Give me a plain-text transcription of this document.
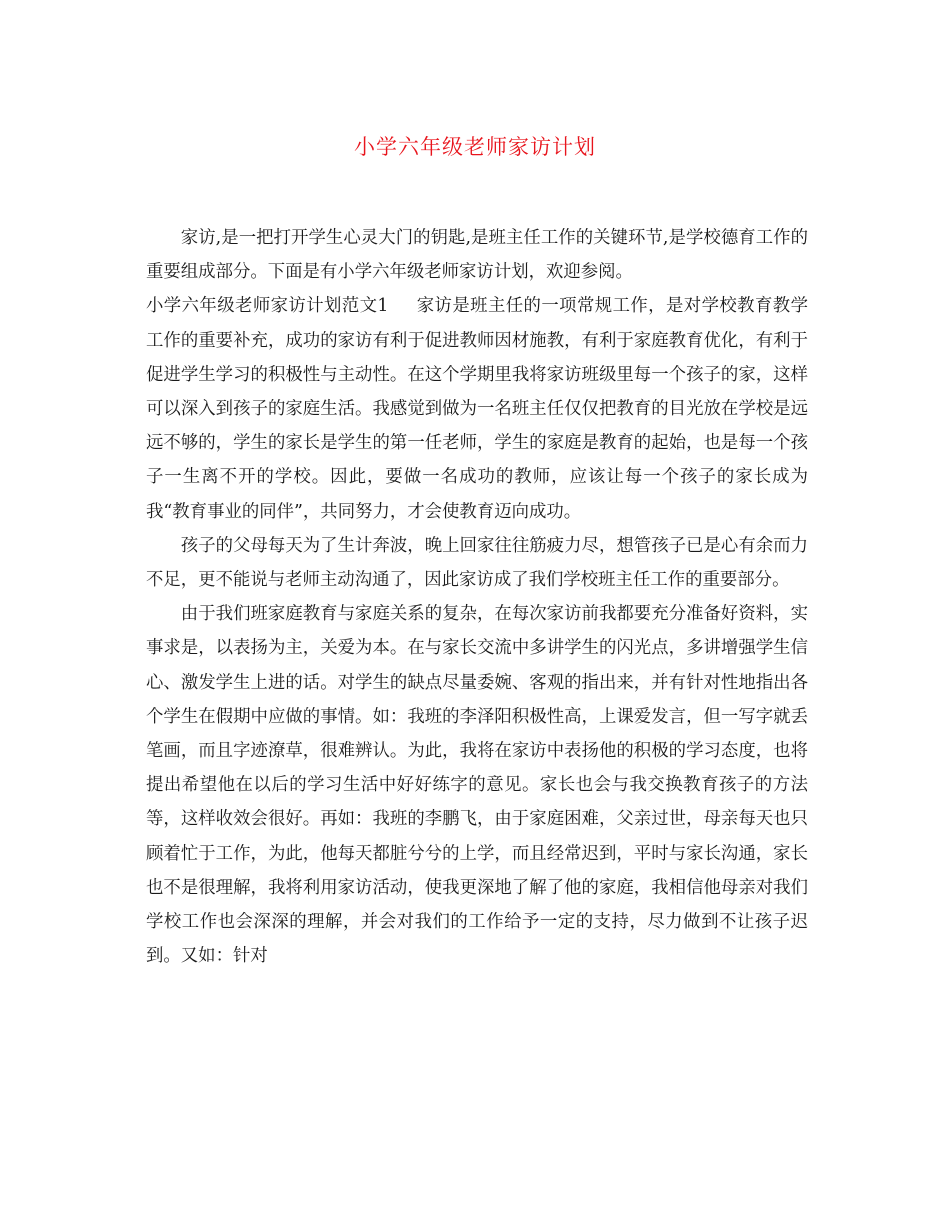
小学六年级老师家访计划

家访,是一把打开学生心灵大门的钥匙,是班主任工作的关键环节,是学校德育工作的重要组成部分。下面是有小学六年级老师家访计划，欢迎参阅。

小学六年级老师家访计划范文1 家访是班主任的一项常规工作，是对学校教育教学工作的重要补充，成功的家访有利于促进教师因材施教，有利于家庭教育优化，有利于促进学生学习的积极性与主动性。在这个学期里我将家访班级里每一个孩子的家，这样可以深入到孩子的家庭生活。我感觉到做为一名班主任仅仅把教育的目光放在学校是远远不够的，学生的家长是学生的第一任老师，学生的家庭是教育的起始，也是每一个孩子一生离不开的学校。因此，要做一名成功的教师，应该让每一个孩子的家长成为我“教育事业的同伴”，共同努力，才会使教育迈向成功。

孩子的父母每天为了生计奔波，晚上回家往往筋疲力尽，想管孩子已是心有余而力不足，更不能说与老师主动沟通了，因此家访成了我们学校班主任工作的重要部分。

由于我们班家庭教育与家庭关系的复杂，在每次家访前我都要充分准备好资料，实事求是，以表扬为主，关爱为本。在与家长交流中多讲学生的闪光点，多讲增强学生信心、激发学生上进的话。对学生的缺点尽量委婉、客观的指出来，并有针对性地指出各个学生在假期中应做的事情。如：我班的李泽阳积极性高，上课爱发言，但一写字就丢笔画，而且字迹潦草，很难辨认。为此，我将在家访中表扬他的积极的学习态度，也将提出希望他在以后的学习生活中好好练字的意见。家长也会与我交换教育孩子的方法等，这样收效会很好。再如：我班的李鹏飞，由于家庭困难，父亲过世，母亲每天也只顾着忙于工作，为此，他每天都脏兮兮的上学，而且经常迟到，平时与家长沟通，家长也不是很理解，我将利用家访活动，使我更深地了解了他的家庭，我相信他母亲对我们学校工作也会深深的理解，并会对我们的工作给予一定的支持，尽力做到不让孩子迟到。又如：针对
